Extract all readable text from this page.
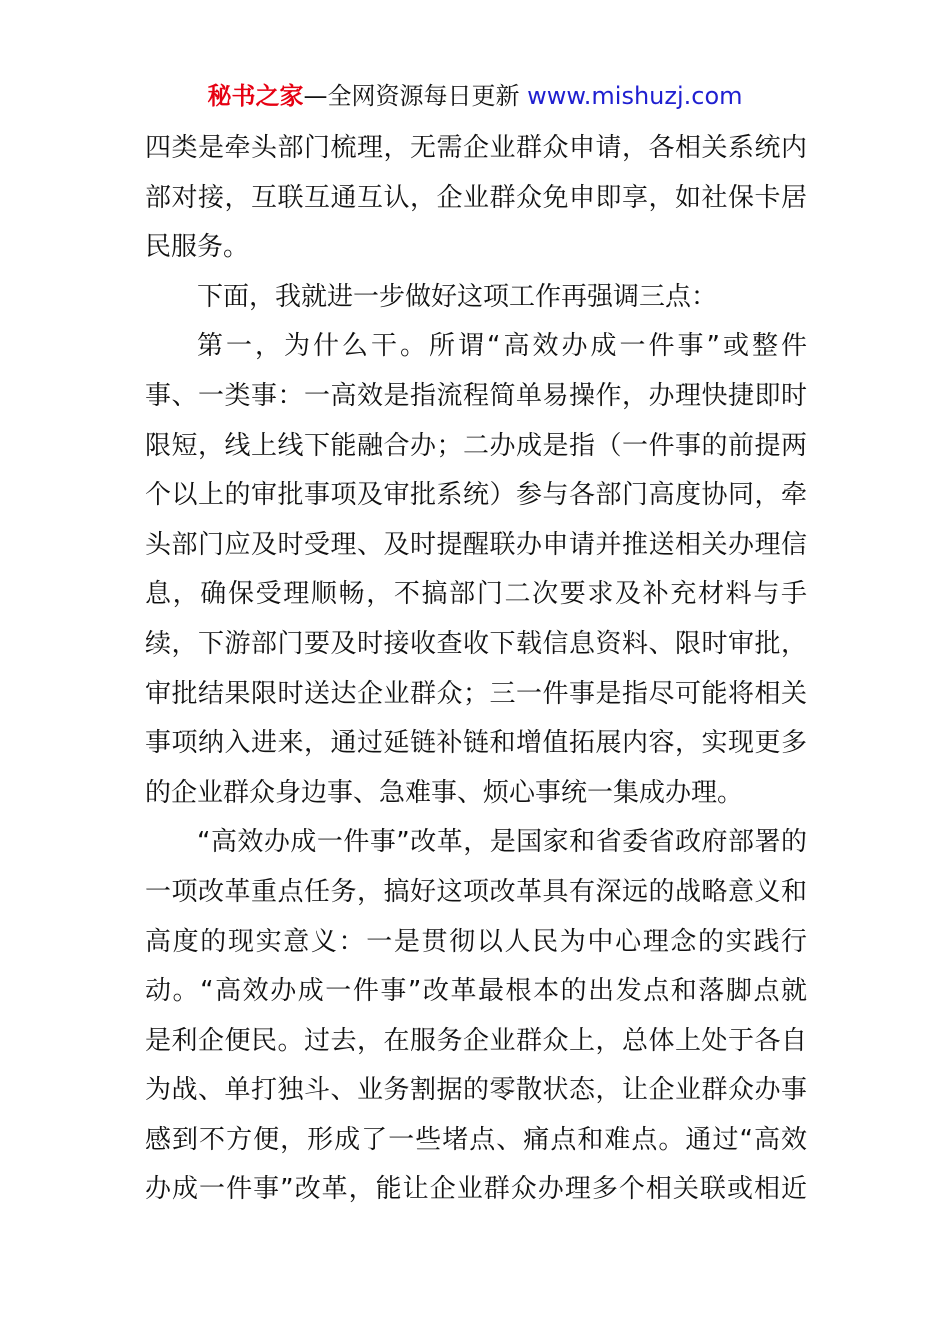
秘书之家—全网资源每日更新 www.mishuzj.com
四类是牵头部门梳理，无需企业群众申请，各相关系统内
部对接，互联互通互认，企业群众免申即享，如社保卡居
民服务。
下面，我就进一步做好这项工作再强调三点：
第一，为什么干。所谓“高效办成一件事”或整件
事、一类事：一高效是指流程简单易操作，办理快捷即时
限短，线上线下能融合办；二办成是指（一件事的前提两
个以上的审批事项及审批系统）参与各部门高度协同，牵
头部门应及时受理、及时提醒联办申请并推送相关办理信
息，确保受理顺畅，不搞部门二次要求及补充材料与手
续，下游部门要及时接收查收下载信息资料、限时审批，
审批结果限时送达企业群众；三一件事是指尽可能将相关
事项纳入进来，通过延链补链和增值拓展内容，实现更多
的企业群众身边事、急难事、烦心事统一集成办理。
“高效办成一件事”改革，是国家和省委省政府部署的
一项改革重点任务，搞好这项改革具有深远的战略意义和
高度的现实意义：一是贯彻以人民为中心理念的实践行
动。“高效办成一件事”改革最根本的出发点和落脚点就
是利企便民。过去，在服务企业群众上，总体上处于各自
为战、单打独斗、业务割据的零散状态，让企业群众办事
感到不方便，形成了一些堵点、痛点和难点。通过“高效
办成一件事”改革，能让企业群众办理多个相关联或相近
